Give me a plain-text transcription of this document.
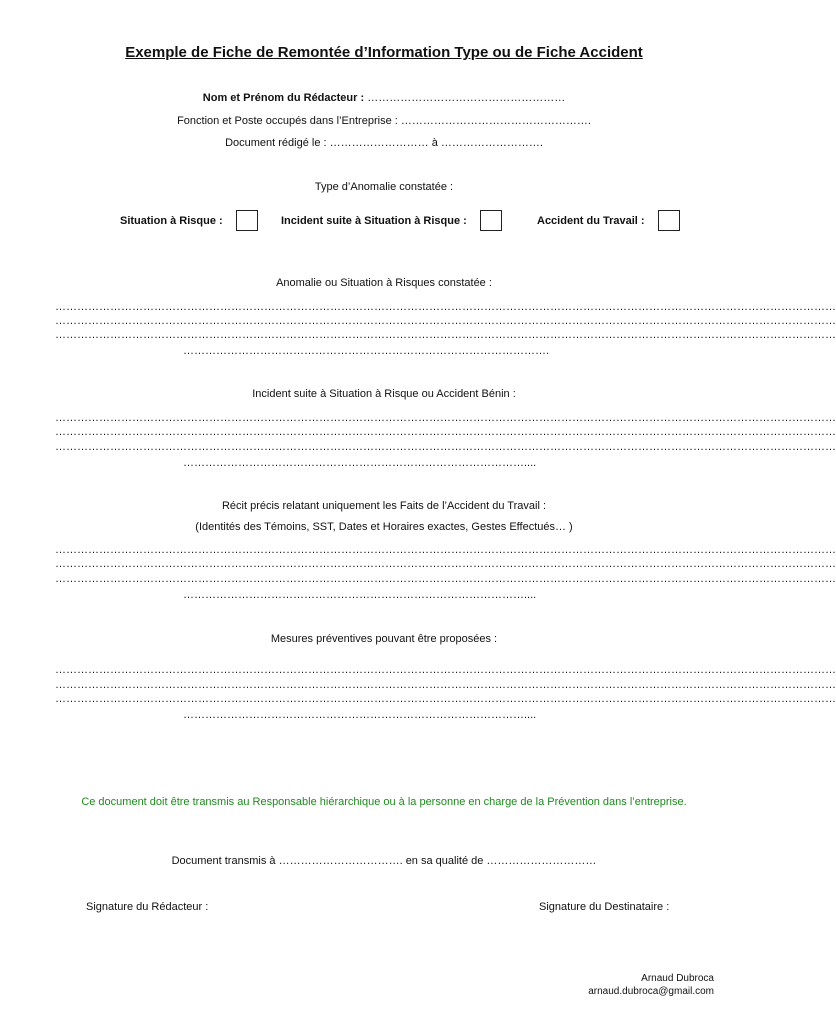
Exemple de Fiche de Remontée d’Information Type ou de Fiche Accident
Nom et Prénom du Rédacteur : ………………………………………………
Fonction et Poste occupés dans l’Entreprise : …………………………………………….
Document rédigé le : ……………………… à ……………………….
Type d’Anomalie constatée :
Situation à Risque :	Incident suite à Situation à Risque :	Accident du Travail :
Anomalie ou Situation à Risques constatée :
……………………………………………………………………………………………………………………………………………………………………………………………
……………………………………………………………………………………………………………………………………………………………………………………………
……………………………………………………………………………………………………………………………………………………………………………………………
……………………………………………………………………………………….
Incident suite à Situation à Risque ou Accident Bénin :
……………………………………………………………………………………………………………………………………………………………………………………………
……………………………………………………………………………………………………………………………………………………………………………………………
……………………………………………………………………………………………………………………………………………………………………………………………
…………………………………………………………………………………....
Récit précis relatant uniquement les Faits de l’Accident du Travail :
(Identités des Témoins, SST, Dates et Horaires exactes, Gestes Effectués… )
……………………………………………………………………………………………………………………………………………………………………………………………
……………………………………………………………………………………………………………………………………………………………………………………………
……………………………………………………………………………………………………………………………………………………………………………………………
…………………………………………………………………………………....
Mesures préventives pouvant être proposées :
……………………………………………………………………………………………………………………………………………………………………………………………
……………………………………………………………………………………………………………………………………………………………………………………………
……………………………………………………………………………………………………………………………………………………………………………………………
…………………………………………………………………………………....
Ce document doit être transmis au Responsable hiérarchique ou à la personne en charge de la Prévention dans l’entreprise.
Document transmis à ……………………………. en sa qualité de …………………………
Signature du Rédacteur :	Signature du Destinataire :
Arnaud Dubroca
arnaud.dubroca@gmail.com
